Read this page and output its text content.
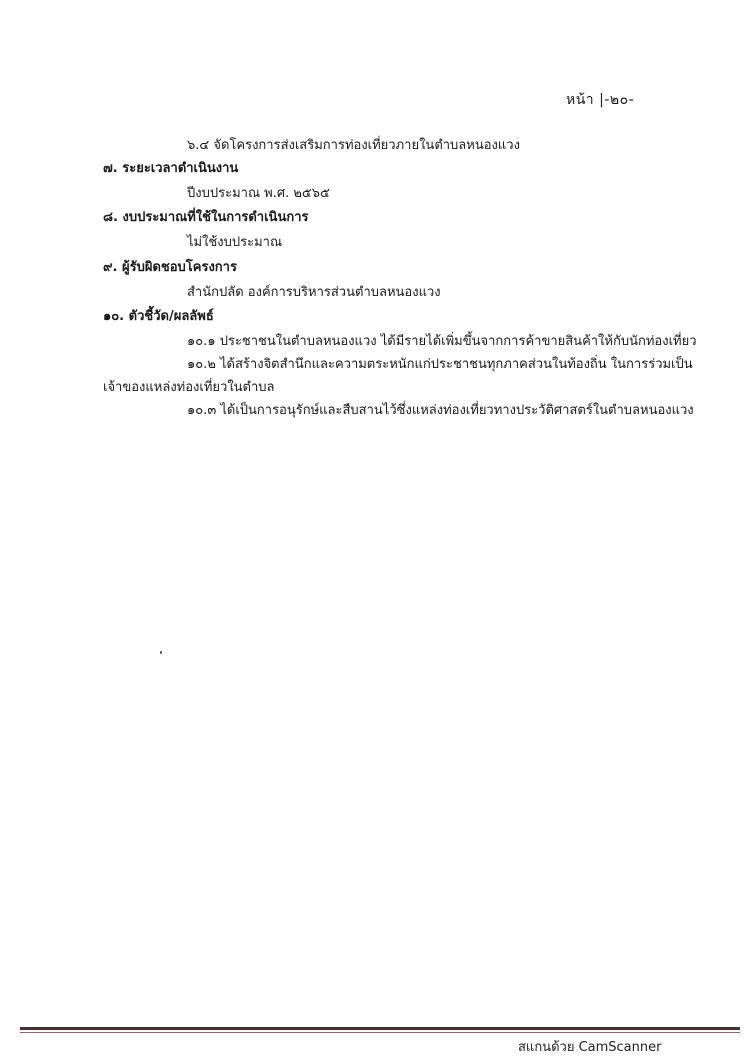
หน้า |-๒๐-
๖.๔ จัดโครงการส่งเสริมการท่องเที่ยวภายในตำบลหนองแวง
๗. ระยะเวลาดำเนินงาน
ปีงบประมาณ พ.ศ. ๒๕๖๕
๘. งบประมาณที่ใช้ในการดำเนินการ
ไม่ใช้งบประมาณ
๙. ผู้รับผิดชอบโครงการ
สำนักปลัด องค์การบริหารส่วนตำบลหนองแวง
๑๐. ตัวชี้วัด/ผลลัพธ์
๑๐.๑ ประชาชนในตำบลหนองแวง ได้มีรายได้เพิ่มขึ้นจากการค้าขายสินค้าให้กับนักท่องเที่ยว
๑๐.๒ ได้สร้างจิตสำนึกและความตระหนักแก่ประชาชนทุกภาคส่วนในท้องถิ่น ในการร่วมเป็น
เจ้าของแหล่งท่องเที่ยวในตำบล
๑๐.๓ ได้เป็นการอนุรักษ์และสืบสานไว้ซึ่งแหล่งท่องเที่ยวทางประวัติศาสตร์ในตำบลหนองแวง
สแกนด้วย CamScanner
